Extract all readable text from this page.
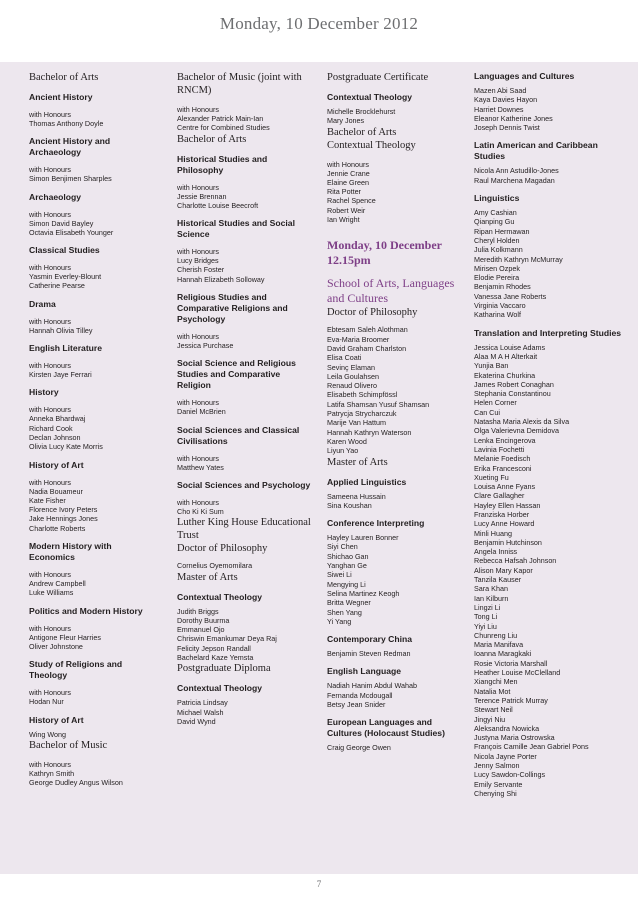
Monday, 10 December 2012
Bachelor of Arts
Ancient History
with Honours
Thomas Anthony Doyle
Ancient History and Archaeology
with Honours
Simon Benjimen Sharples
Archaeology
with Honours
Simon David Bayley
Octavia Elisabeth Younger
Classical Studies
with Honours
Yasmin Everley-Blount
Catherine Pearse
Drama
with Honours
Hannah Olivia Tilley
English Literature
with Honours
Kirsten Jaye Ferrari
History
with Honours
Anneka Bhardwaj
Richard Cook
Declan Johnson
Olivia Lucy Kate Morris
History of Art
with Honours
Nadia Bouameur
Kate Fisher
Florence Ivory Peters
Jake Hennings Jones
Charlotte Roberts
Modern History with Economics
with Honours
Andrew Campbell
Luke Williams
Politics and Modern History
with Honours
Antigone Fleur Harries
Oliver Johnstone
Study of Religions and Theology
with Honours
Hodan Nur
History of Art
Wing Wong
Bachelor of Music
with Honours
Kathryn Smith
George Dudley Angus Wilson
Bachelor of Music (joint with RNCM)
with Honours
Alexander Patrick Main-Ian
Centre for Combined Studies
Bachelor of Arts
Historical Studies and Philosophy
with Honours
Jessie Brennan
Charlotte Louise Beecroft
Historical Studies and Social Science
with Honours
Lucy Bridges
Cherish Foster
Hannah Elizabeth Solloway
Religious Studies and Comparative Religions and Psychology
with Honours
Jessica Purchase
Social Science and Religious Studies and Comparative Religion
with Honours
Daniel McBrien
Social Sciences and Classical Civilisations
with Honours
Matthew Yates
Social Sciences and Psychology
with Honours
Cho Ki Ki Sum
Luther King House Educational Trust
Doctor of Philosophy
Cornelius Oyemomilara
Master of Arts
Contextual Theology
Judith Briggs
Dorothy Buurma
Emmanuel Ojo
Chriswin Emankumar Deya Raj
Felicity Jepson Randall
Bachelard Kaze Yemsta
Postgraduate Diploma
Contextual Theology
Patricia Lindsay
Michael Walsh
David Wynd
Postgraduate Certificate
Contextual Theology
Michelle Brocklehurst
Mary Jones
Bachelor of Arts
Contextual Theology
with Honours
Jennie Crane
Elaine Green
Rita Potter
Rachel Spence
Robert Weir
Ian Wright
Monday, 10 December 12.15pm
School of Arts, Languages and Cultures
Doctor of Philosophy
Ebtesam Saleh Alothman
Eva-Maria Broomer
David Graham Charlston
Elisa Coati
Sevinç Elaman
Leila Goulahsen
Renaud Olivero
Elisabeth Schimpföss​l
Latifa Shamsan Yusuf Shamsan
Patrycja Strycharczuk
Marije Van Hattum
Hannah Kathryn Waterson
Karen Wood
Liyun Yao
Master of Arts
Applied Linguistics
Sameena Hussain
Sina Koushan
Conference Interpreting
Hayley Lauren Bonner
Siyi Chen
Shichao Gan
Yanghan Ge
Siwei Li
Mengying Li
Selina Martinez Keogh
Britta Wegner
Shen Yang
Yi Yang
Contemporary China
Benjamin Steven Redman
English Language
Nadiah Hanim Abdul Wahab
Fernanda Mcdougall
Betsy Jean Snider
European Languages and Cultures (Holocaust Studies)
Craig George Owen
Languages and Cultures
Mazen Abi Saad
Kaya Davies Hayon
Harriet Downes
Eleanor Katherine Jones
Joseph Dennis Twist
Latin American and Caribbean Studies
Nicola Ann Astudillo-Jones
Raul Marchena Magadan
Linguistics
Amy Cashian
Qianping Gu
Ripan Hermawan
Cheryl Holden
Julia Kolkmann
Meredith Kathryn McMurray
Mirisen Ozpek
Elodie Pereira
Benjamin Rhodes
Vanessa Jane Roberts
Virginia Vaccaro
Katharina Wolf
Translation and Interpreting Studies
Jessica Louise Adams
Alaa M A H Alterkait
Yunjia Ban
Ekaterina Churkina
James Robert Conaghan
Stephania Constantinou
Helen Corner
Can Cui
Natasha Maria Alexis da Silva
Olga Valerievna Demidova
Lenka Encingerova
Lavinia Fochetti
Melanie Foedisch
Erika Francesconi
Xueting Fu
Louisa Anne Fyans
Clare Gallagher
Hayley Ellen Hassan
Franziska Horber
Lucy Anne Howard
Minli Huang
Benjamin Hutchinson
Angela Inniss
Rebecca Hafsah Johnson
Alison Mary Kapor
Tanzila Kauser
Sara Khan
Ian Kilburn
Lingzi Li
Tong Li
Yiyi Liu
Chunreng Liu
Maria Manifava
Ioanna Maragkaki
Rosie Victoria Marshall
Heather Louise McClelland
Xiangchi Men
Natalia Mot
Terence Patrick Murray
Stewart Neil
Jingyi Niu
Aleksandra Nowicka
Justyna Maria Ostrowska
François Camille Jean Gabriel Pons
Nicola Jayne Porter
Jenny Salmon
Lucy Sawdon-Collings
Emily Servante
Chenying Shi
7
